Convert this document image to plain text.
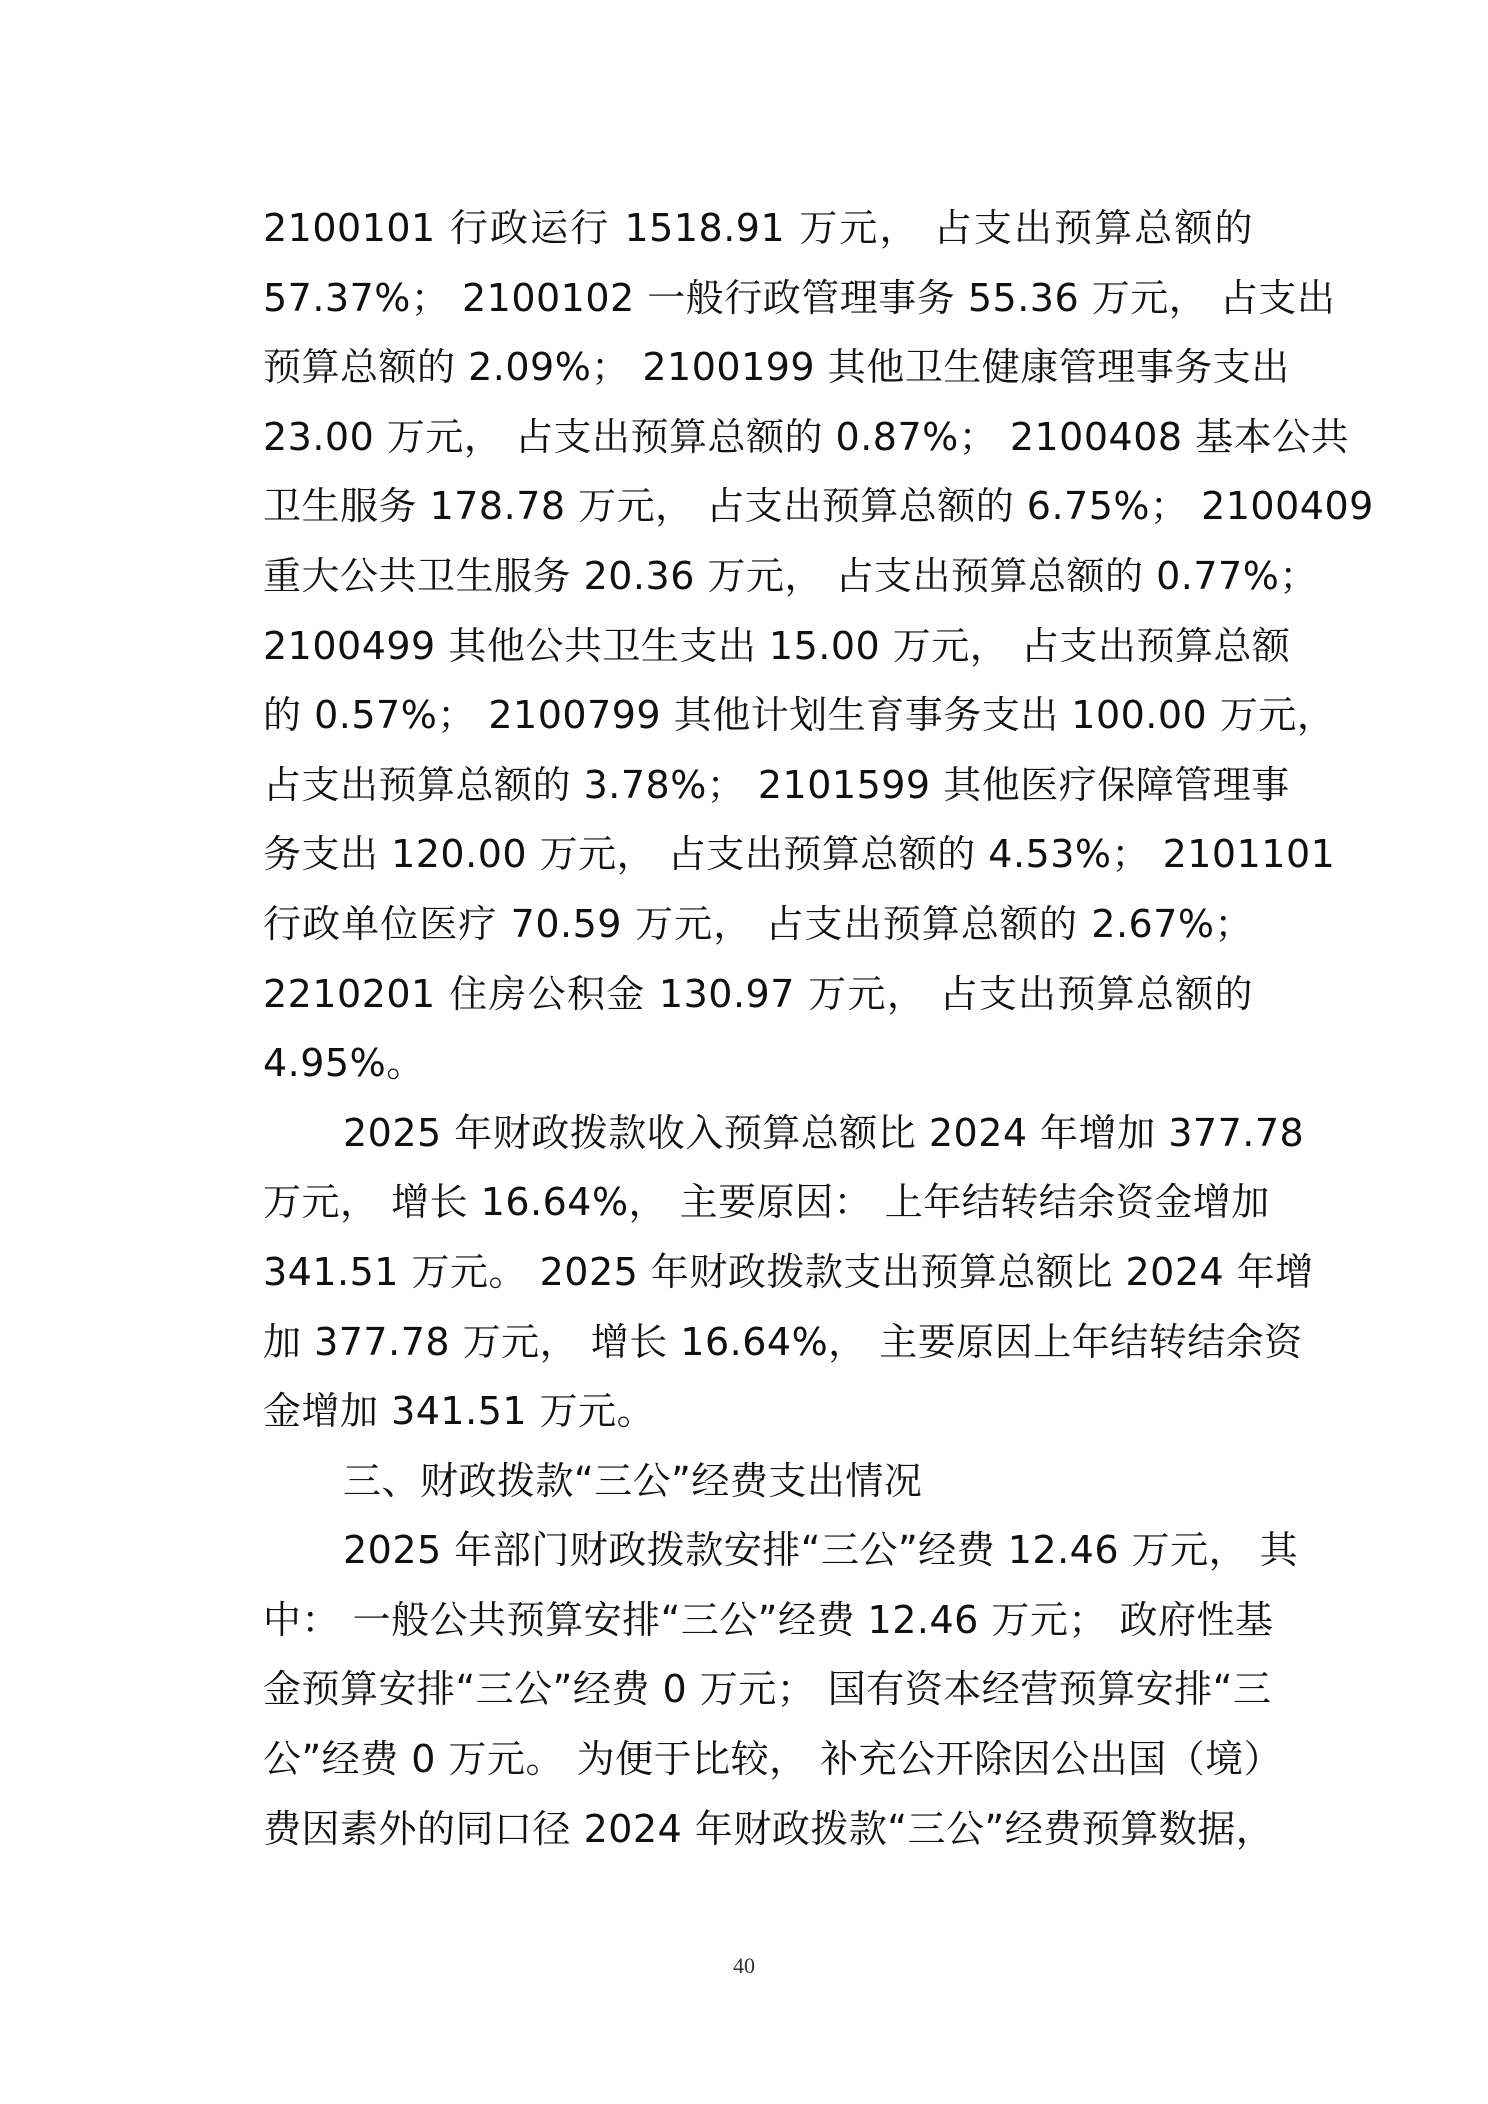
2100101 行政运行 1518.91 万元， 占支出预算总额的
57.37%； 2100102 一般行政管理事务 55.36 万元， 占支出
预算总额的 2.09%； 2100199 其他卫生健康管理事务支出
23.00 万元， 占支出预算总额的 0.87%； 2100408 基本公共
卫生服务 178.78 万元， 占支出预算总额的 6.75%； 2100409
重大公共卫生服务 20.36 万元， 占支出预算总额的 0.77%；
2100499 其他公共卫生支出 15.00 万元， 占支出预算总额
的 0.57%； 2100799 其他计划生育事务支出 100.00 万元，
占支出预算总额的 3.78%； 2101599 其他医疗保障管理事
务支出 120.00 万元， 占支出预算总额的 4.53%； 2101101
行政单位医疗 70.59 万元， 占支出预算总额的 2.67%；
2210201 住房公积金 130.97 万元， 占支出预算总额的
4.95%。
2025 年财政拨款收入预算总额比 2024 年增加 377.78
万元， 增长 16.64%， 主要原因： 上年结转结余资金增加
341.51 万元。 2025 年财政拨款支出预算总额比 2024 年增
加 377.78 万元， 增长 16.64%， 主要原因上年结转结余资
金增加 341.51 万元。
三、财政拨款“三公”经费支出情况
2025 年部门财政拨款安排“三公”经费 12.46 万元， 其
中： 一般公共预算安排“三公”经费 12.46 万元； 政府性基
金预算安排“三公”经费 0 万元； 国有资本经营预算安排“三
公”经费 0 万元。 为便于比较， 补充公开除因公出国（境）
费因素外的同口径 2024 年财政拨款“三公”经费预算数据，
40
